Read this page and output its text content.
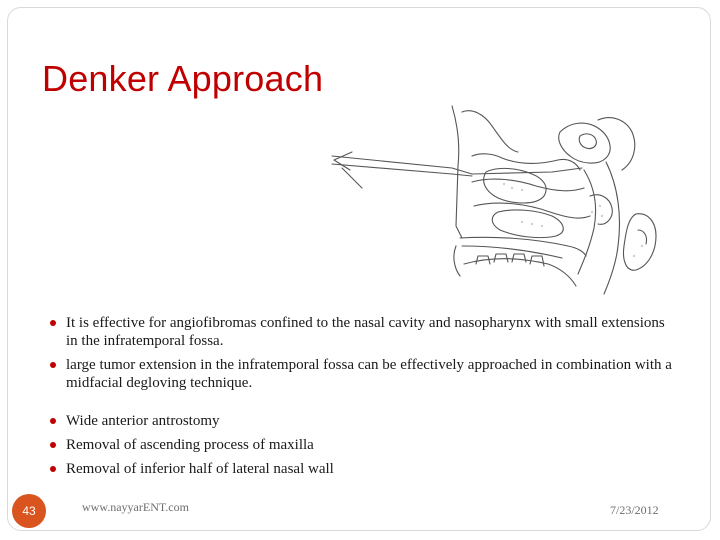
Denker Approach
It is effective for angiofibromas confined to the nasal cavity and nasopharynx with small extensions in the infratemporal fossa.
large tumor extension in the infratemporal fossa can be effectively approached in combination with a midfacial degloving technique.
Wide anterior antrostomy
Removal of ascending process of maxilla
Removal of inferior half of lateral nasal wall
43	www.nayyarENT.com	7/23/2012
